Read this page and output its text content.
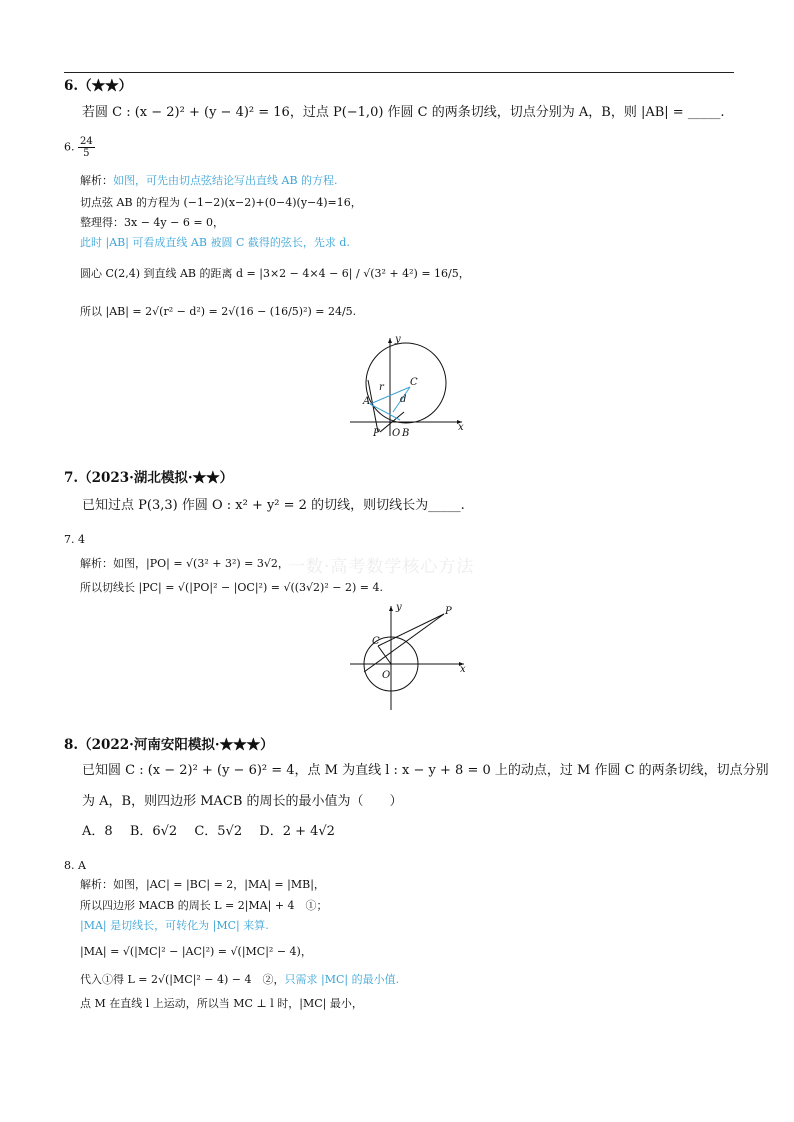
6.（★★）
若圆 C : (x − 2)² + (y − 4)² = 16，过点 P(−1,0) 作圆 C 的两条切线，切点分别为 A，B，则 |AB| = _____.
6. $\frac{24}{5}$
解析：如图，可先由切点弦结论写出直线 AB 的方程.
切点弦 AB 的方程为 (−1−2)(x−2)+(0−4)(y−4)=16，
整理得：3x − 4y − 6 = 0，
此时 |AB| 可看成直线 AB 被圆 C 截得的弦长，先求 d.
圆心 C(2,4) 到直线 AB 的距离 d = |3×2 − 4×4 − 6| / √(3² + 4²) = 16/5，
所以 |AB| = 2√(r² − d²) = 2√(16 − (16/5)²) = 24/5.
y
x
C
A
r
d
P O B
7.（2023·湖北模拟·★★）
已知过点 P(3,3) 作圆 O : x² + y² = 2 的切线，则切线长为_____.
7. 4
解析：如图，|PO| = √(3² + 3²) = 3√2，
所以切线长 |PC| = √(|PO|² − |OC|²) = √((3√2)² − 2) = 4.
一数·高考数学核心方法
y
x
P
C
O
8.（2022·河南安阳模拟·★★★）
已知圆 C : (x − 2)² + (y − 6)² = 4，点 M 为直线 l : x − y + 8 = 0 上的动点，过 M 作圆 C 的两条切线，切点分别
为 A，B，则四边形 MACB 的周长的最小值为（　　）
A．8　 B．6√2　 C．5√2　 D．2 + 4√2
8. A
解析：如图，|AC| = |BC| = 2，|MA| = |MB|，
所以四边形 MACB 的周长 L = 2|MA| + 4　①；
|MA| 是切线长，可转化为 |MC| 来算.
|MA| = √(|MC|² − |AC|²) = √(|MC|² − 4)，
代入①得 L = 2√(|MC|² − 4) − 4　②，只需求 |MC| 的最小值.
点 M 在直线 l 上运动，所以当 MC ⊥ l 时，|MC| 最小，
